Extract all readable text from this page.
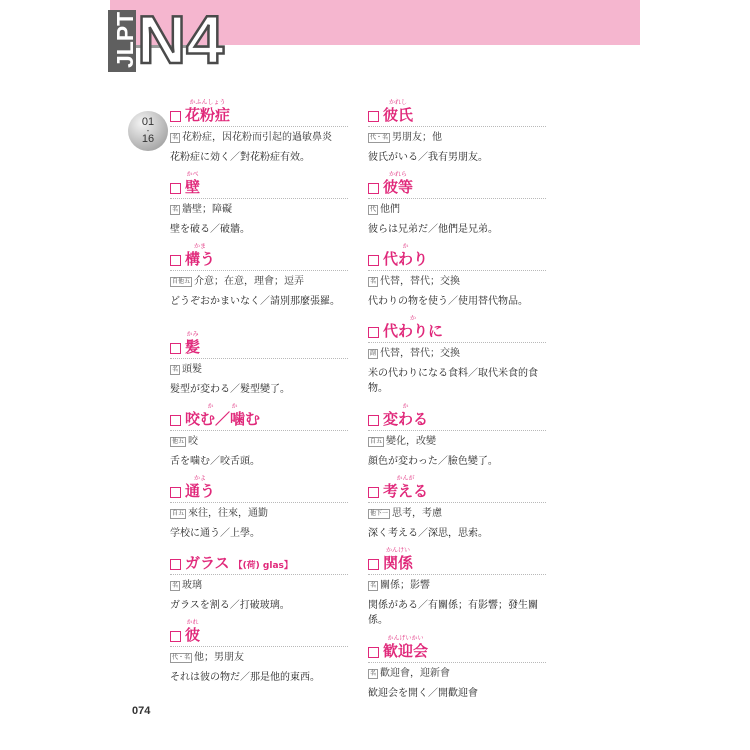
JLPT N4
01
-
16
かふんしょう
花粉症
名 花粉症，因花粉而引起的過敏鼻炎
花粉症に効く／對花粉症有效。
かべ
壁
名 牆壁；障礙
壁を破る／破牆。
かま
構う
自他五 介意；在意，理會；逗弄
どうぞおかまいなく／請別那麼張羅。
かみ
髪
名 頭髮
髪型が変わる／髮型變了。
か　　　か
咬む／噛む
他五 咬
舌を噛む／咬舌頭。
かよ
通う
自五 來往，往來，通勤
学校に通う／上學。
ガラス 【(荷) glas】
名 玻璃
ガラスを割る／打破玻璃。
かれ
彼
代・名 他；男朋友
それは彼の物だ／那是他的東西。
かれし
彼氏
代・名 男朋友；他
彼氏がいる／我有男朋友。
かれら
彼等
代 他們
彼らは兄弟だ／他們是兄弟。
か
代わり
名 代替，替代；交換
代わりの物を使う／使用替代物品。
か
代わりに
副 代替，替代；交換
米の代わりになる食料／取代米食的食物。
か
変わる
自五 變化，改變
顔色が変わった／臉色變了。
かんが
考える
他下一 思考，考慮
深く考える／深思，思索。
かんけい
関係
名 關係；影響
関係がある／有關係；有影響；發生關係。
かんげいかい
歓迎会
名 歡迎會，迎新會
歓迎会を開く／開歡迎會
074
